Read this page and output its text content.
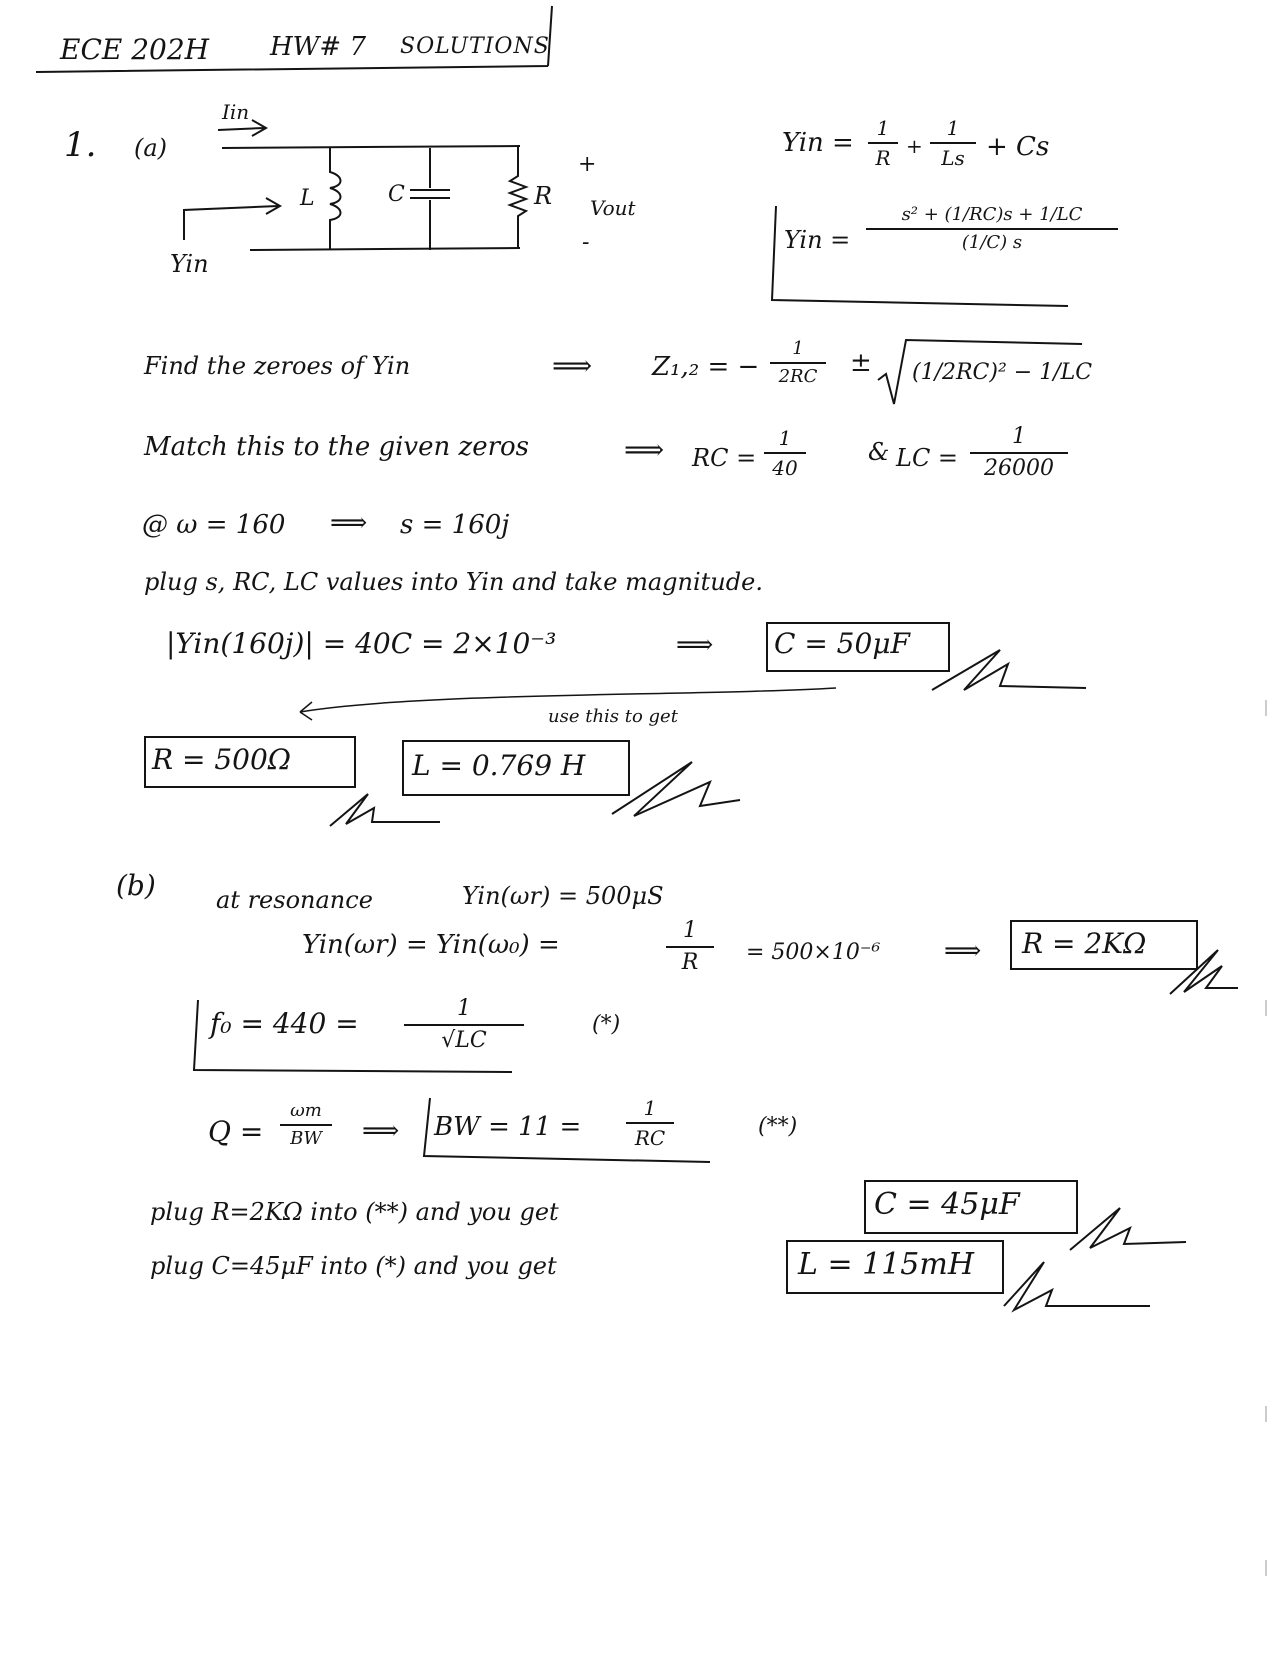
ECE 202H HW# 7 SOLUTIONS
1. (a)
Iin
Yin
L	C	R
+
-
Vout
Yin =	1
R +
1
Ls + Cs
Yin =
s² + (1/RC)s + 1/LC
(1/C) s
Find the zeroes of Yin	⟹ Z₁,₂ = −
1
2RC	± (1/2RC)² − 1/LC
Match this to the given zeros	⟹ RC =
1
40
& LC =
1
26000
@ ω = 160 ⟹ s = 160j
plug s, RC, LC values into Yin and take magnitude.
|Yin(160j)| = 40C = 2×10⁻³	⟹ C = 50μF
use this to get
R = 500Ω	L = 0.769 H
(b)	at resonance	Yin(ωr) = 500μS
Yin(ωr) = Yin(ω₀) =	1
R	= 500×10⁻⁶ ⟹ R = 2KΩ
f₀ = 440 =	1
√LC
(*)
Q =
ωm
BW	⟹ BW = 11 =
1
RC	(**)
plug R=2KΩ into (**) and you get	C = 45μF
plug C=45μF into (*) and you get	L = 115mH
